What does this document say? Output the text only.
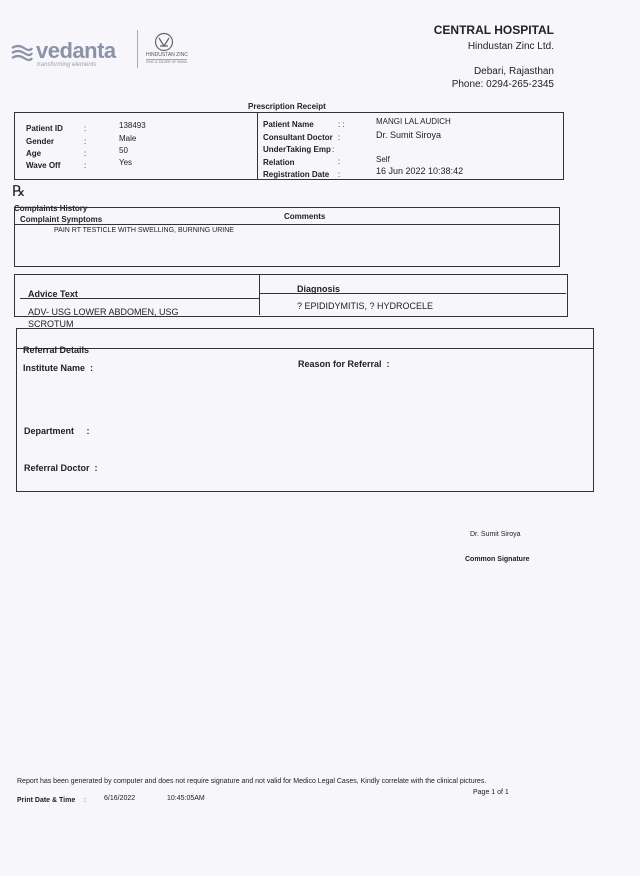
vedanta
transforming elements
HINDUSTAN ZINC
ZINC & SILVER OF INDIA
CENTRAL HOSPITAL
Hindustan Zinc Ltd.
Debari, Rajasthan
Phone: 0294-265-2345
Prescription Receipt
Patient ID	:	138493
Gender	:	Male
Age	:	50
Wave Off	:	Yes
Patient Name	: :	MANGI LAL AUDICH
Consultant Doctor :	Dr. Sumit Siroya
UnderTaking Emp :
Relation	:	Self
Registration Date :	16 Jun 2022 10:38:42
℞
Complaints History
Complaint Symptoms	Comments
PAIN RT TESTICLE WITH SWELLING, BURNING URINE
Advice Text
ADV- USG LOWER ABDOMEN, USG
SCROTUM
Diagnosis
? EPIDIDYMITIS, ? HYDROCELE
Referral Details
Institute Name  :	Reason for Referral  :
Department     :
Referral Doctor  :
Dr. Sumit Siroya
Common Signature
Report has been generated by computer and does not require signature and not valid for Medico Legal Cases, Kindly correlate with the clinical pictures.
Print Date & Time :	6/16/2022	10:45:05AM
Page 1 of 1
